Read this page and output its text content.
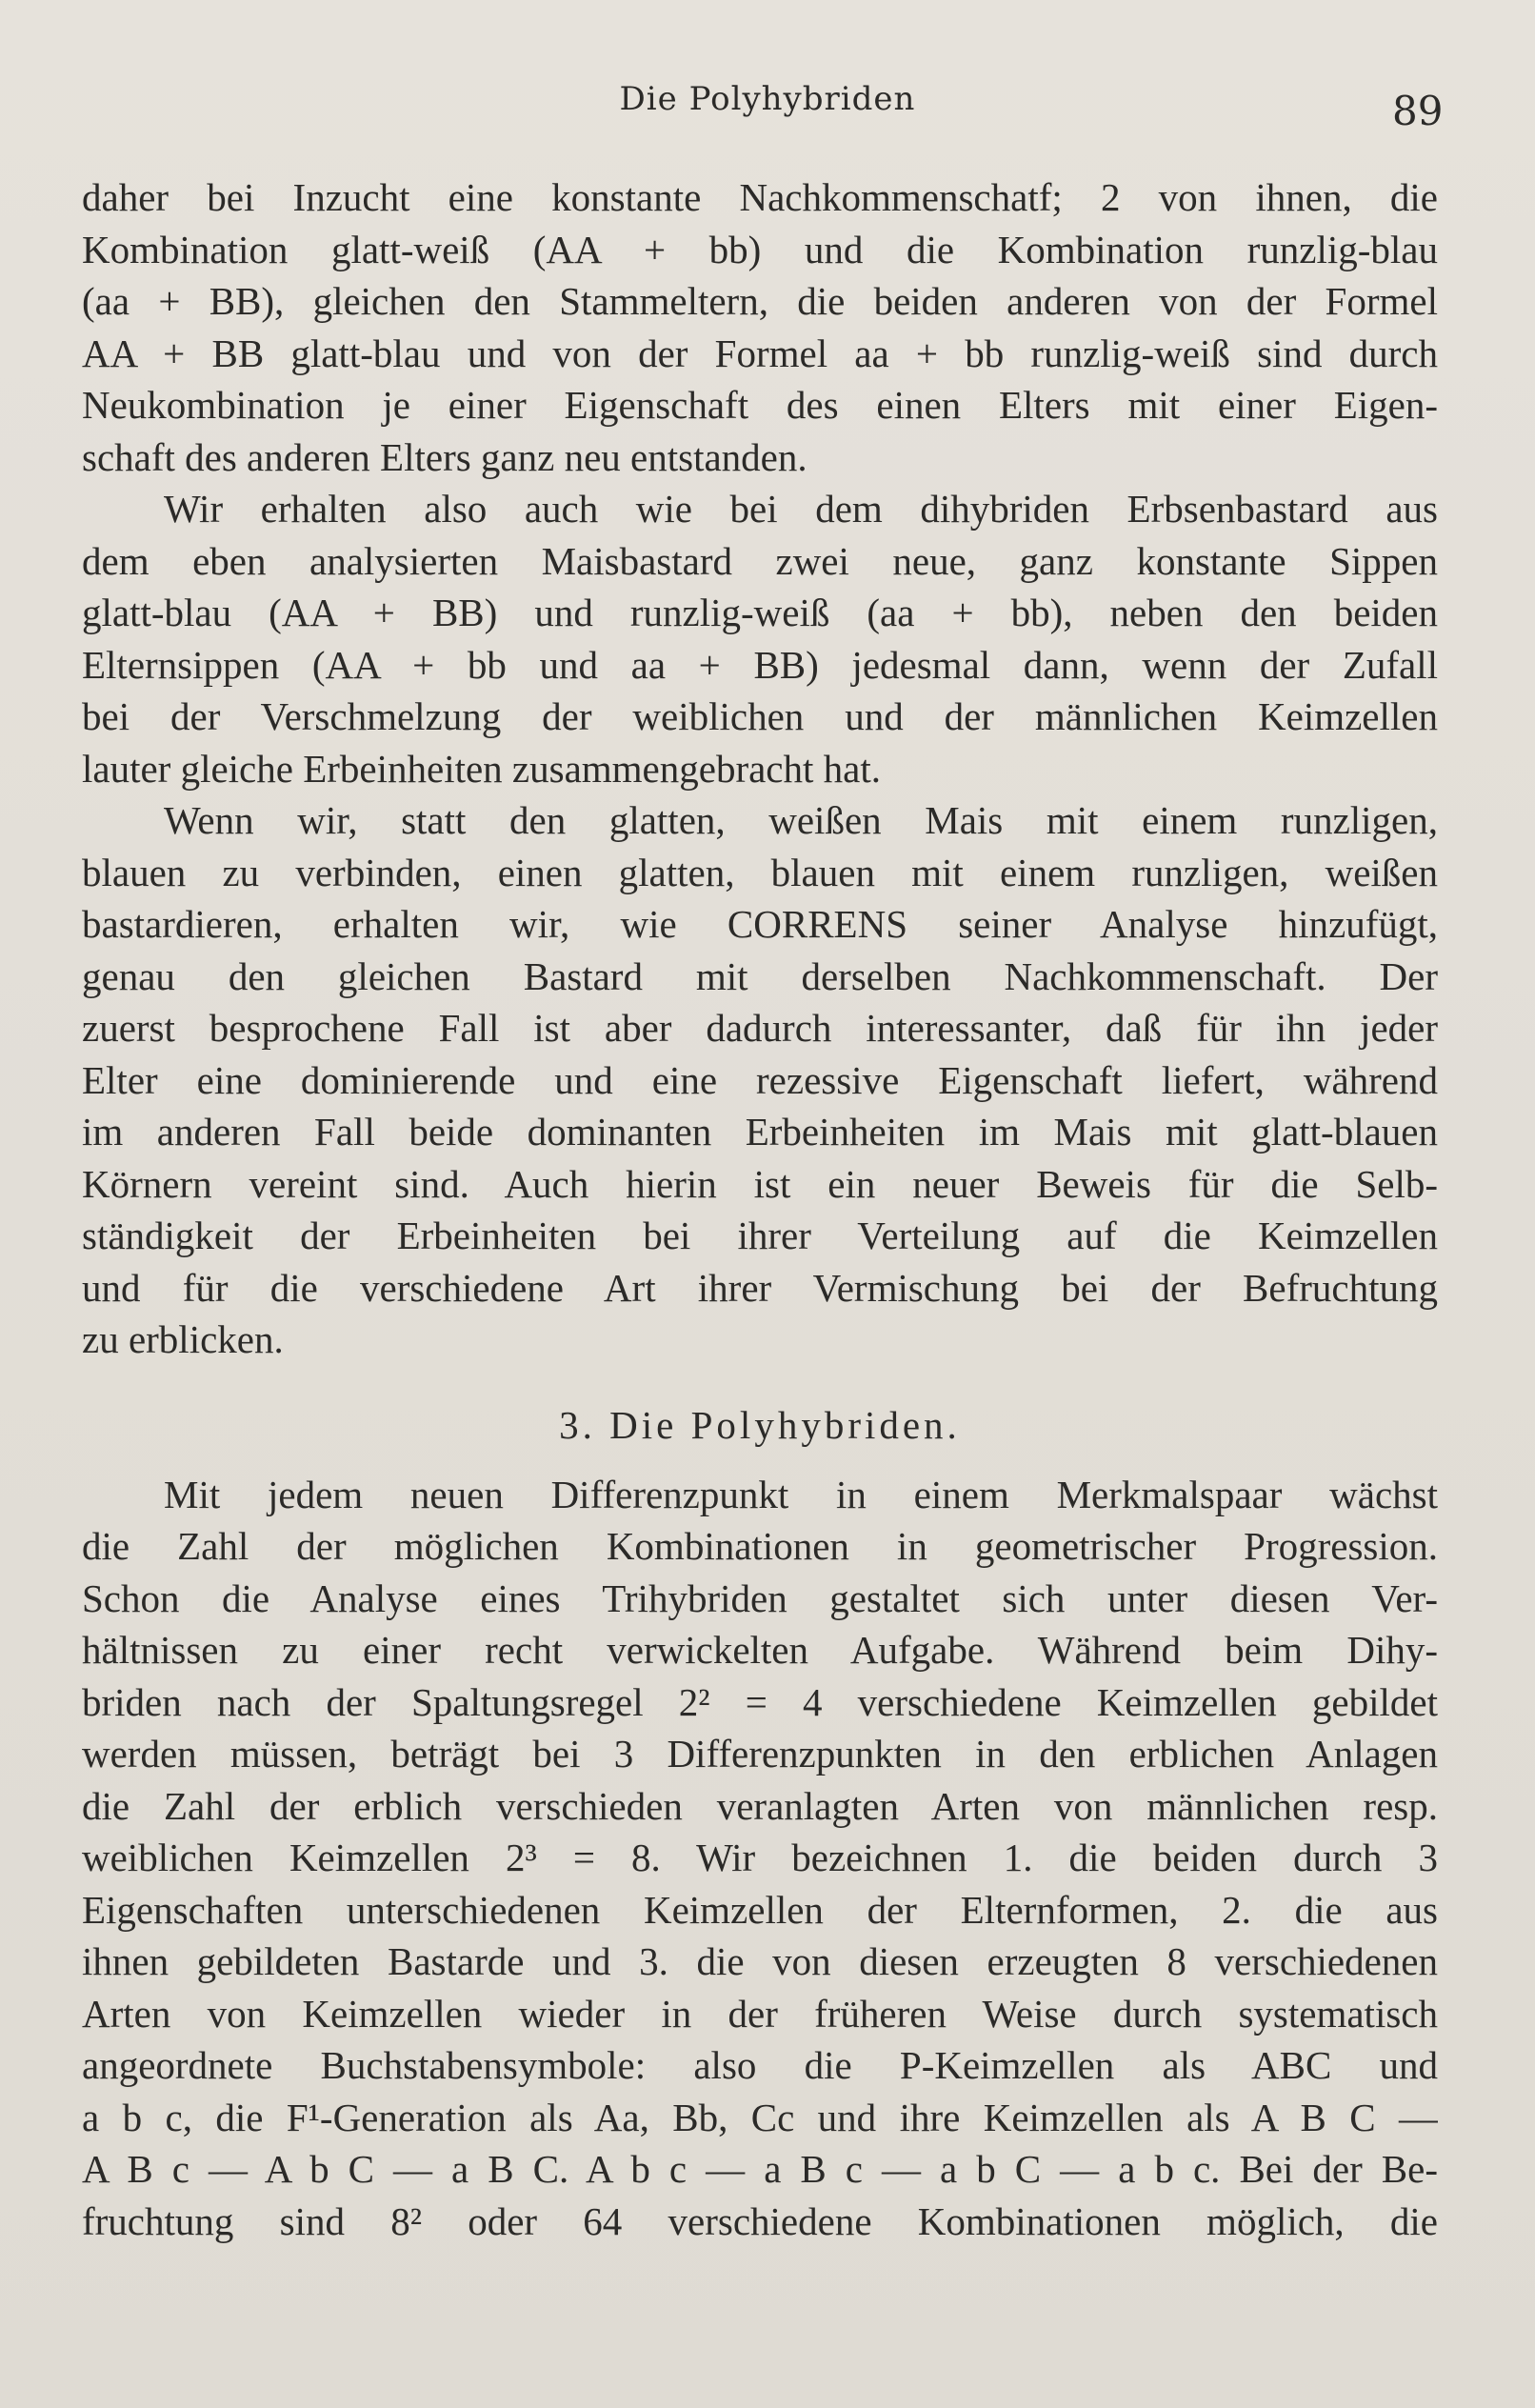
Die Polyhybriden	89
daher bei Inzucht eine konstante Nachkommenschatf; 2 von ihnen, die
Kombination glatt-weiß (AA + bb) und die Kombination runzlig-blau
(aa + BB), gleichen den Stammeltern, die beiden anderen von der Formel
AA + BB glatt-blau und von der Formel aa + bb runzlig-weiß sind durch
Neukombination je einer Eigenschaft des einen Elters mit einer Eigen-
schaft des anderen Elters ganz neu entstanden.
Wir erhalten also auch wie bei dem dihybriden Erbsenbastard aus
dem eben analysierten Maisbastard zwei neue, ganz konstante Sippen
glatt-blau (AA + BB) und runzlig-weiß (aa + bb), neben den beiden
Elternsippen (AA + bb und aa + BB) jedesmal dann, wenn der Zufall
bei der Verschmelzung der weiblichen und der männlichen Keimzellen
lauter gleiche Erbeinheiten zusammengebracht hat.
Wenn wir, statt den glatten, weißen Mais mit einem runzligen,
blauen zu verbinden, einen glatten, blauen mit einem runzligen, weißen
bastardieren, erhalten wir, wie CORRENS seiner Analyse hinzufügt,
genau den gleichen Bastard mit derselben Nachkommenschaft. Der
zuerst besprochene Fall ist aber dadurch interessanter, daß für ihn jeder
Elter eine dominierende und eine rezessive Eigenschaft liefert, während
im anderen Fall beide dominanten Erbeinheiten im Mais mit glatt-blauen
Körnern vereint sind. Auch hierin ist ein neuer Beweis für die Selb-
ständigkeit der Erbeinheiten bei ihrer Verteilung auf die Keimzellen
und für die verschiedene Art ihrer Vermischung bei der Befruchtung
zu erblicken.
3. Die Polyhybriden.
Mit jedem neuen Differenzpunkt in einem Merkmalspaar wächst
die Zahl der möglichen Kombinationen in geometrischer Progression.
Schon die Analyse eines Trihybriden gestaltet sich unter diesen Ver-
hältnissen zu einer recht verwickelten Aufgabe. Während beim Dihy-
briden nach der Spaltungsregel 2² = 4 verschiedene Keimzellen gebildet
werden müssen, beträgt bei 3 Differenzpunkten in den erblichen Anlagen
die Zahl der erblich verschieden veranlagten Arten von männlichen resp.
weiblichen Keimzellen 2³ = 8. Wir bezeichnen 1. die beiden durch 3
Eigenschaften unterschiedenen Keimzellen der Elternformen, 2. die aus
ihnen gebildeten Bastarde und 3. die von diesen erzeugten 8 verschiedenen
Arten von Keimzellen wieder in der früheren Weise durch systematisch
angeordnete Buchstabensymbole: also die P-Keimzellen als ABC und
a b c, die F¹-Generation als Aa, Bb, Cc und ihre Keimzellen als A B C —
A B c — A b C — a B C. A b c — a B c — a b C — a b c. Bei der Be-
fruchtung sind 8² oder 64 verschiedene Kombinationen möglich, die
